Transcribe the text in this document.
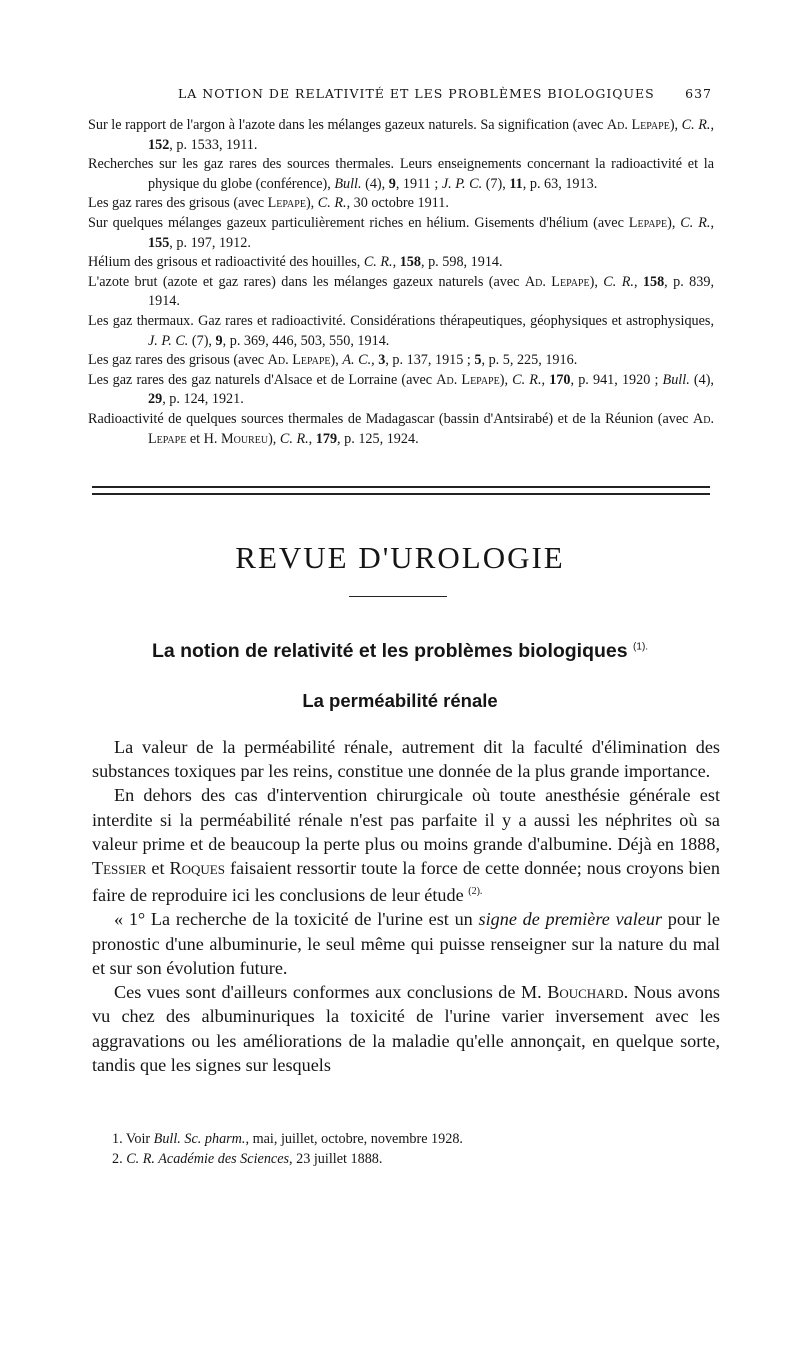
LA NOTION DE RELATIVITÉ ET LES PROBLÈMES BIOLOGIQUES 637

Sur le rapport de l'argon à l'azote dans les mélanges gazeux naturels. Sa signification (avec Ad. Lepape), C. R., 152, p. 1533, 1911.

Recherches sur les gaz rares des sources thermales. Leurs enseignements concernant la radioactivité et la physique du globe (conférence), Bull. (4), 9, 1911 ; J. P. C. (7), 11, p. 63, 1913.

Les gaz rares des grisous (avec Lepape), C. R., 30 octobre 1911.

Sur quelques mélanges gazeux particulièrement riches en hélium. Gisements d'hélium (avec Lepape), C. R., 155, p. 197, 1912.

Hélium des grisous et radioactivité des houilles, C. R., 158, p. 598, 1914.

L'azote brut (azote et gaz rares) dans les mélanges gazeux naturels (avec Ad. Lepape), C. R., 158, p. 839, 1914.

Les gaz thermaux. Gaz rares et radioactivité. Considérations thérapeutiques, géophysiques et astrophysiques, J. P. C. (7), 9, p. 369, 446, 503, 550, 1914.

Les gaz rares des grisous (avec Ad. Lepape), A. C., 3, p. 137, 1915 ; 5, p. 5, 225, 1916.

Les gaz rares des gaz naturels d'Alsace et de Lorraine (avec Ad. Lepape), C. R., 170, p. 941, 1920 ; Bull. (4), 29, p. 124, 1921.

Radioactivité de quelques sources thermales de Madagascar (bassin d'Antsirabé) et de la Réunion (avec Ad. Lepape et H. Moureu), C. R., 179, p. 125, 1924.

REVUE D'UROLOGIE
La notion de relativité et les problèmes biologiques $^{(1).}$
La perméabilité rénale

La valeur de la perméabilité rénale, autrement dit la faculté d'élimination des substances toxiques par les reins, constitue une donnée de la plus grande importance.

En dehors des cas d'intervention chirurgicale où toute anesthésie générale est interdite si la perméabilité rénale n'est pas parfaite il y a aussi les néphrites où sa valeur prime et de beaucoup la perte plus ou moins grande d'albumine. Déjà en 1888, Tessier et Roques faisaient ressortir toute la force de cette donnée; nous croyons bien faire de reproduire ici les conclusions de leur étude $^{(2).}$

« 1° La recherche de la toxicité de l'urine est un signe de première valeur pour le pronostic d'une albuminurie, le seul même qui puisse renseigner sur la nature du mal et sur son évolution future.

Ces vues sont d'ailleurs conformes aux conclusions de M. Bouchard. Nous avons vu chez des albuminuriques la toxicité de l'urine varier inversement avec les aggravations ou les améliorations de la maladie qu'elle annonçait, en quelque sorte, tandis que les signes sur lesquels

1. Voir Bull. Sc. pharm., mai, juillet, octobre, novembre 1928.

2. C. R. Académie des Sciences, 23 juillet 1888.
